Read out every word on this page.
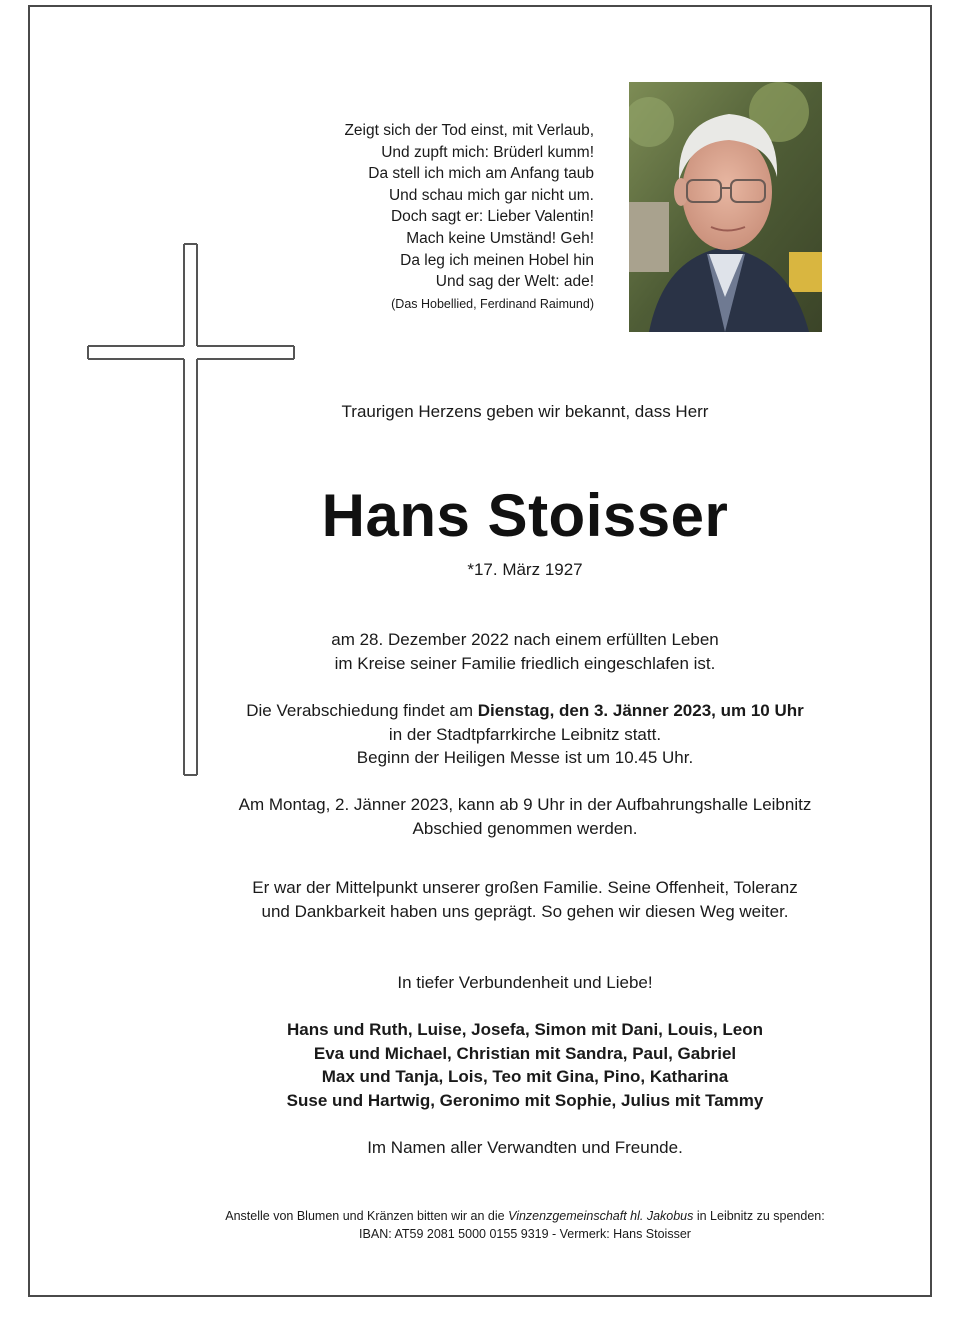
Zeigt sich der Tod einst, mit Verlaub,
Und zupft mich: Brüderl kumm!
Da stell ich mich am Anfang taub
Und schau mich gar nicht um.
Doch sagt er: Lieber Valentin!
Mach keine Umständ! Geh!
Da leg ich meinen Hobel hin
Und sag der Welt: ade!
(Das Hobellied, Ferdinand Raimund)
Traurigen Herzens geben wir bekannt, dass Herr
Hans Stoisser
*17. März 1927
am 28. Dezember 2022 nach einem erfüllten Leben
im Kreise seiner Familie friedlich eingeschlafen ist.
Die Verabschiedung findet am Dienstag, den 3. Jänner 2023, um 10 Uhr
in der Stadtpfarrkirche Leibnitz statt.
Beginn der Heiligen Messe ist um 10.45 Uhr.
Am Montag, 2. Jänner 2023, kann ab 9 Uhr in der Aufbahrungshalle Leibnitz
Abschied genommen werden.
Er war der Mittelpunkt unserer großen Familie. Seine Offenheit, Toleranz
und Dankbarkeit haben uns geprägt. So gehen wir diesen Weg weiter.
In tiefer Verbundenheit und Liebe!
Hans und Ruth, Luise, Josefa, Simon mit Dani, Louis, Leon
Eva und Michael, Christian mit Sandra, Paul, Gabriel
Max und Tanja, Lois, Teo mit Gina, Pino, Katharina
Suse und Hartwig, Geronimo mit Sophie, Julius mit Tammy
Im Namen aller Verwandten und Freunde.
Anstelle von Blumen und Kränzen bitten wir an die Vinzenzgemeinschaft hl. Jakobus in Leibnitz zu spenden:
IBAN: AT59 2081 5000 0155 9319 - Vermerk: Hans Stoisser
